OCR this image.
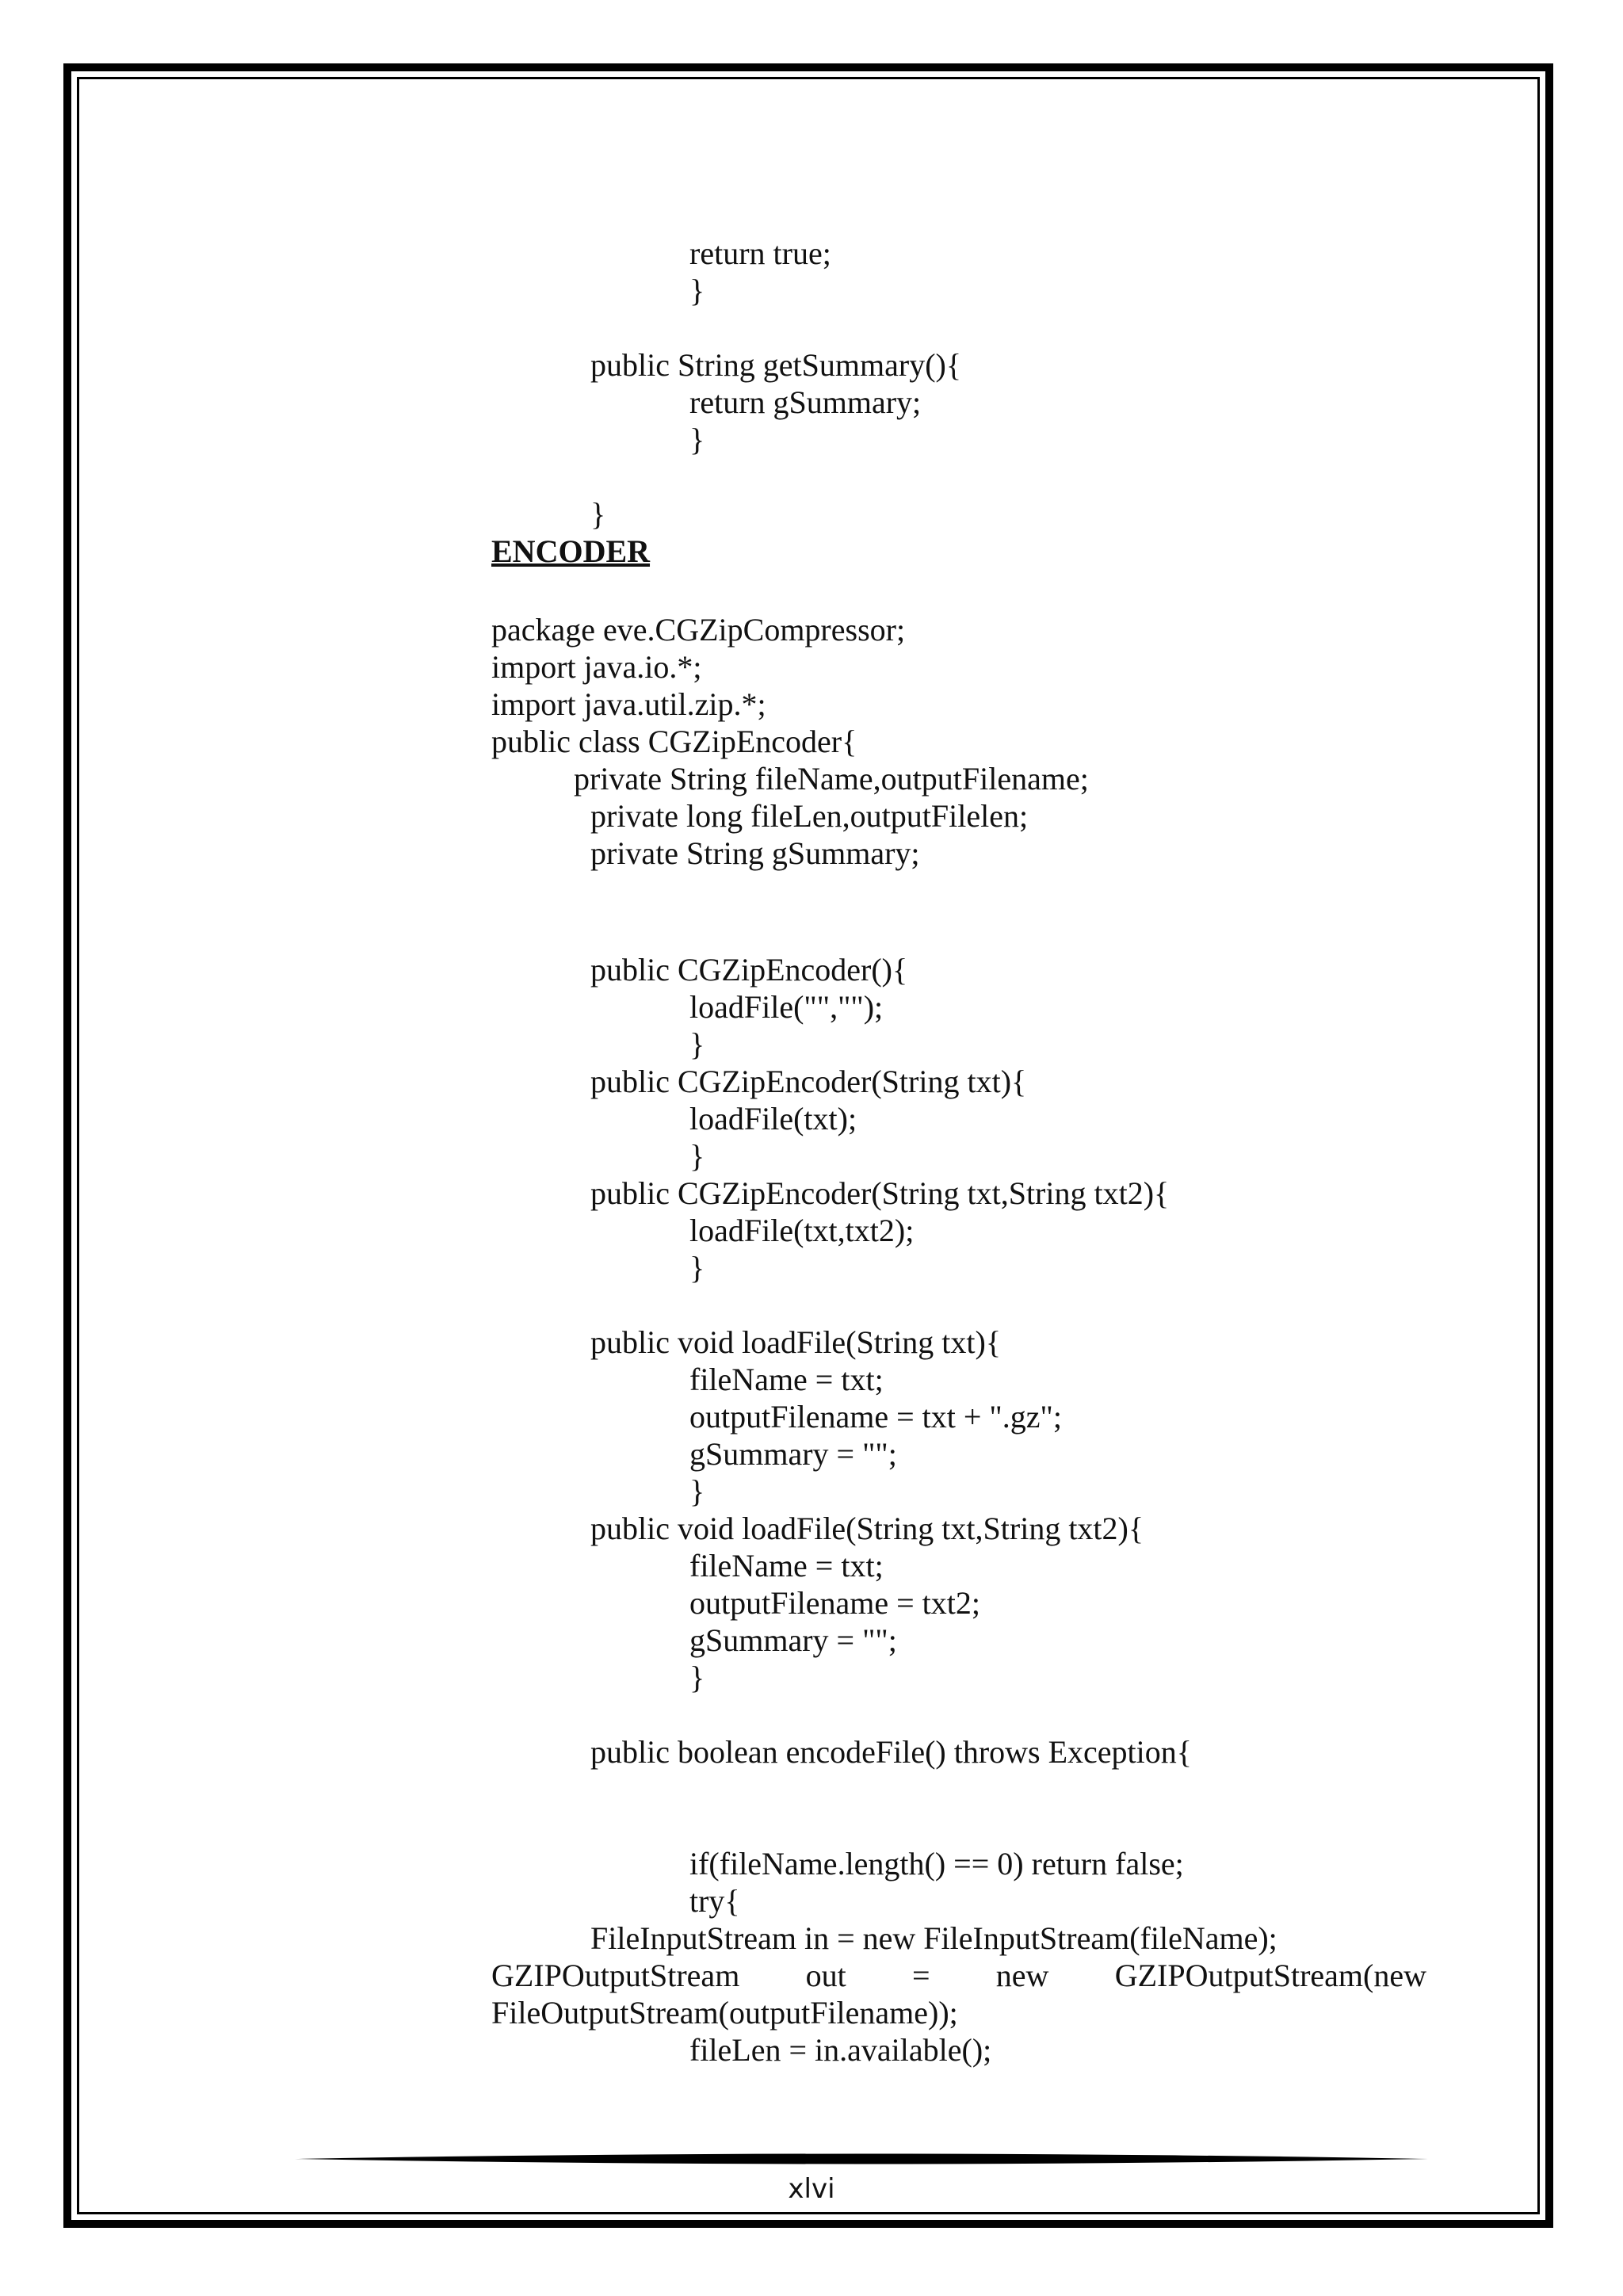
return true;
}
public String getSummary(){
return gSummary;
}
}
ENCODER
package eve.CGZipCompressor;
import java.io.*;
import java.util.zip.*;
public class CGZipEncoder{
private String fileName,outputFilename;
private long fileLen,outputFilelen;
private String gSummary;
public CGZipEncoder(){
loadFile("","");
}
public CGZipEncoder(String txt){
loadFile(txt);
}
public CGZipEncoder(String txt,String txt2){
loadFile(txt,txt2);
}
public void loadFile(String txt){
fileName = txt;
outputFilename = txt + ".gz";
gSummary = "";
}
public void loadFile(String txt,String txt2){
fileName = txt;
outputFilename = txt2;
gSummary = "";
}
public boolean encodeFile() throws Exception{
if(fileName.length() == 0) return false;
try{
FileInputStream in = new FileInputStream(fileName);
GZIPOutputStream out = new GZIPOutputStream(new
FileOutputStream(outputFilename));
fileLen = in.available();
xlvi
